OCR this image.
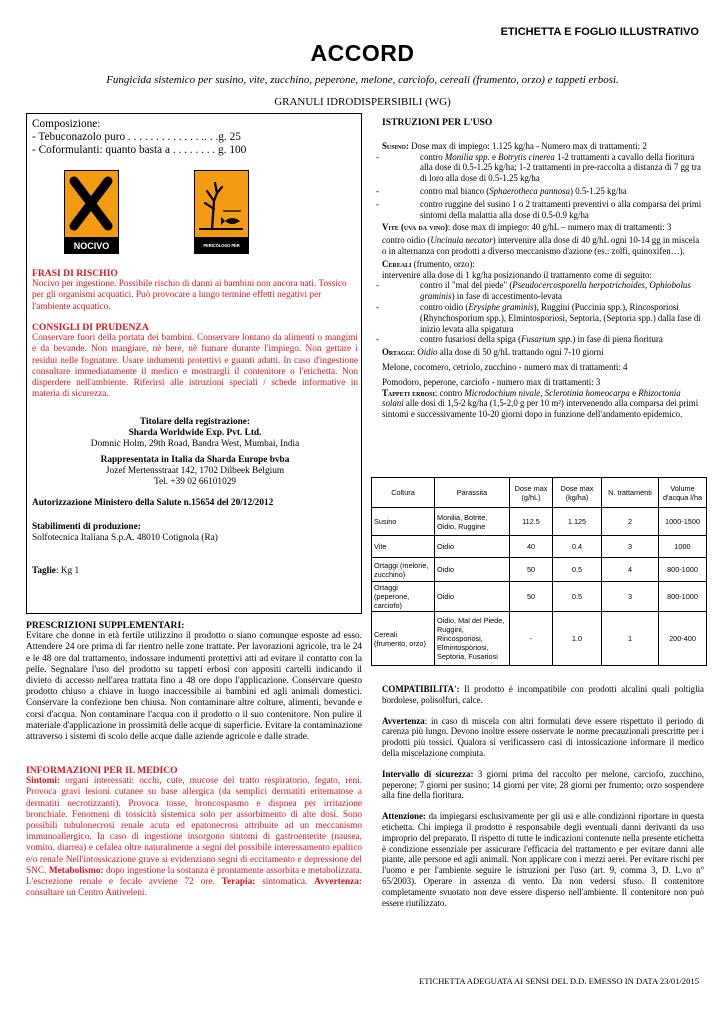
ETICHETTA E FOGLIO ILLUSTRATIVO
ACCORD
Fungicida sistemico per susino, vite, zucchino, peperone, melone, carciofo, cereali (frumento, orzo) e tappeti erbosi.
GRANULI IDRODISPERSIBILI (WG)
Composizione:
- Tebuconazolo puro . . . . . . . . . . . . . .. . .g. 25
- Coformulanti: quanto basta a . . . . . . . . g. 100
NOCIVO	PERICOLOSO PER L'AMBIENTE
FRASI DI RISCHIO
Nocivo per ingestione. Possibile rischio di danni ai bambini non ancora nati. Tossico per gli organismi acquatici. Può provocare a lungo termine effetti negativi per l'ambiente acquatico.
CONSIGLI DI PRUDENZA
Conservare fuori della portata dei bambini. Conservare lontano da alimenti o mangimi e da bevande. Non mangiare, nè bere, nè fumare durante l'impiego. Non gettare i residui nelle fognature. Usare indumenti protettivi e guanti adatti. In caso d'ingestione consultare immediatamente il medico e mostrargli il contenitore o l'etichetta. Non disperdere nell'ambiente. Riferirsi alle istruzioni speciali / schede informative in materia di sicurezza.
Titolare della registrazione:
Sharda Worldwide Exp. Pvt. Ltd.
Domnic Holm, 29th Road, Bandra West, Mumbai, India
Rappresentata in Italia da Sharda Europe bvba
Jozef Mertensstraat 142, 1702 Dilbeek Belgium
Tel. +39 02 66101029
Autorizzazione Ministero della Salute n.15654 del 20/12/2012
Stabilimenti di produzione:
Solfotecnica Italiana S.p.A. 48010 Cotignola (Ra)
Taglie: Kg 1
PRESCRIZIONI SUPPLEMENTARI:
Evitare che donne in età fertile utilizzino il prodotto o siano comunque esposte ad esso. Attendere 24 ore prima di far rientro nelle zone trattate. Per lavorazioni agricole, tra le 24 e le 48 ore dal trattamento, indossare indumenti protettivi atti ad evitare il contatto con la pelle. Segnalare l'uso del prodotto su tappeti erbosi con appositi cartelli indicando il divieto di accesso nell'area trattata fino a 48 ore dopo l'applicazione. Conservare questo prodotto chiuso a chiave in luogo inaccessibile ai bambini ed agli animali domestici. Conservare la confezione ben chiusa. Non contaminare altre colture, alimenti, bevande e corsi d'acqua. Non contaminare l'acqua con il prodotto o il suo contenitore. Non pulire il materiale d'applicazione in prossimità delle acque di superficie. Evitare la contaminazione attraverso i sistemi di scolo delle acque dalle aziende agricole e dalle strade.
INFORMAZIONI PER IL MEDICO
Sintomi: organi interessati: occhi, cute, mucose del tratto respiratorio, fegato, reni. Provoca gravi lesioni cutanee su base allergica (da semplici dermatiti eritematose a dermatiti necrotizzanti). Provoca tosse, broncospasmo e dispnea per irritazione bronchiale. Fenomeni di tossicità sistemica solo per assorbimento di alte dosi. Sono possibili tubulonecrosi renale acuta ed epatonecrosi attribuite ad un meccanismo immunoallergico. In caso di ingestione insorgono sintomi di gastroenterite (nausea, vomito. diarrea) e cefalea oltre naturalmente a segni del possibile interessamento epaltico e/o rena!e Nell'intossicazione grave si evidenziano segni di eccitamento e depressione del SNC. Metabolismo: dopo ingestione la sostanza è prontamente assorbita e metabolizzata. L'escrezione renale e fecale avviene 72 ore. Terapia: sintomatica. Avvertenza: consultare un Centro Antiveleni.
ISTRUZIONI PER L'USO
Susino: Dose max di impiego: 1.125 kg/ha - Numero max di trattamenti: 2
-	contro Monilia spp. e Botrytis cinerea 1-2 trattamenti a cavallo della fioritura alla dose di 0.5-1.25 kg/ha; 1-2 trattamenti in pre-raccolta a distanza di 7 gg tra di loro alla dose di 0.5-1.25 kg/ha
-	contro mal bianco (Sphaerotheca pannosa) 0.5-1.25 kg/ha
-	contro ruggine del susino 1 o 2 trattamenti preventivi o alla comparsa dei primi sintomi della malattia alla dose di 0.5-0.9 kg/ha
Vite (uva da vino): dose max di impiego: 40 g/hL – numero max di trattamenti: 3
contro oidio (Uncinula necator) intervenire alla dose di 40 g/hL ogni 10-14 gg in miscela o in alternanza con prodotti a diverso meccanismo d'azione (es.: zolfi, quinoxifen…).
Cereali (frumento, orzo):
intervenire alla dose di 1 kg/ha posizionando il trattamento come di seguito:
-	contro il "mal del piede" (Pseudocercosporella herpotrichoides, Ophiobolus graminis) in fase di accestimento-levata
-	contro oidio (Erysiphe graminis), Ruggini (Puccinia spp.), Rincosporiosi (Rhynchosporium spp.), Elmintosporiosi, Septoria, (Septoria spp.) dalla fase di inizio levata alla spigatura
-	contro fusariosi della spiga (Fusarium spp.) in fase di piena fioritura
Ortaggi: Oidio alla dose di 50 g/hL trattando ogni 7-10 giorni
Melone, cocomero, cetriolo, zucchino - numero max di trattamenti: 4
Pomodoro, peperone, carciofo - numero max di trattamenti: 3
Tappeti erbosi: contro Microdochium nivale, Sclerotinia homeocarpa e Rhizoctonia solani alle dosi di 1,5-2 kg/ha (1,5-2,0 g per 10 m²) intervenendo alla comparsa dei primi sintomi e successivamente 10-20 giorni dopo in funzione dell'andamento epidemico.
Coltura	Parassita	Dose max (g/hL)	Dose max (kg/ha)	N. trattamenti	Volume d'acqua l/ha
Susino	Monilia, Botrite, Oidio, Ruggine	112.5	1.125	2	1000-1500
Vite	Oidio	40	0.4	3	1000
Ortaggi (melone, zucchino)	Oidio	50	0.5	4	800-1000
Ortaggi (peperone, carciofo)	Oidio	50	0.5	3	800-1000
Cereali (frumento, orzo)	Oidio, Mal del Piede, Ruggini, Rincosporiosi, Elmintosporiosi, Septoria, Fusariosi	-	1.0	1	200-400
COMPATIBILITA': Il prodotto è incompatibile con prodotti alcalini quali poltiglia bordolese, polisolfuri, calce.
Avvertenza: in caso di miscela con altri formulati deve essere rispettato il periodo di carenza più lungo. Devono inoltre essere osservate le norme precauzionali prescritte per i prodotti più tossici. Qualora si verificassero casi di intossicazione informare il medico della miscelazione compiuta.
Intervallo di sicurezza: 3 giorni prima del raccolto per melone, carciofo, zucchino, peperone; 7 giorni per susino; 14 giorni per vite; 28 giorni per frumento; orzo sospendere alla fine della fioritura.
Attenzione: da impiegarsi esclusivamente per gli usi e alle condizioni riportare in questa etichetta. Chi impiega il prodotto è responsabile degli eventuali danni derivanti da uso improprio del preparato. Il rispetto di tutte le indicazioni contenute nella presente etichetta è condizione essenziale per assicurare l'efficacia del trattamento e per evitare danni alle piante, alle persone ed agli animali. Non applicare con i mezzi aerei. Per evitare rischi per l'uomo e per l'ambiente seguire le istruzioni per l'uso (art. 9, comma 3, D. L.vo n° 65/2003). Operare in assenza di vento. Da non vedersi sfuso. Il contenitore completamente svuotato non deve essere disperso nell'ambiente. Il contenitore non può essere riutilizzato.
ETICHETTA ADEGUATA AI SENSI DEL D.D. EMESSO IN DATA 23/01/2015
